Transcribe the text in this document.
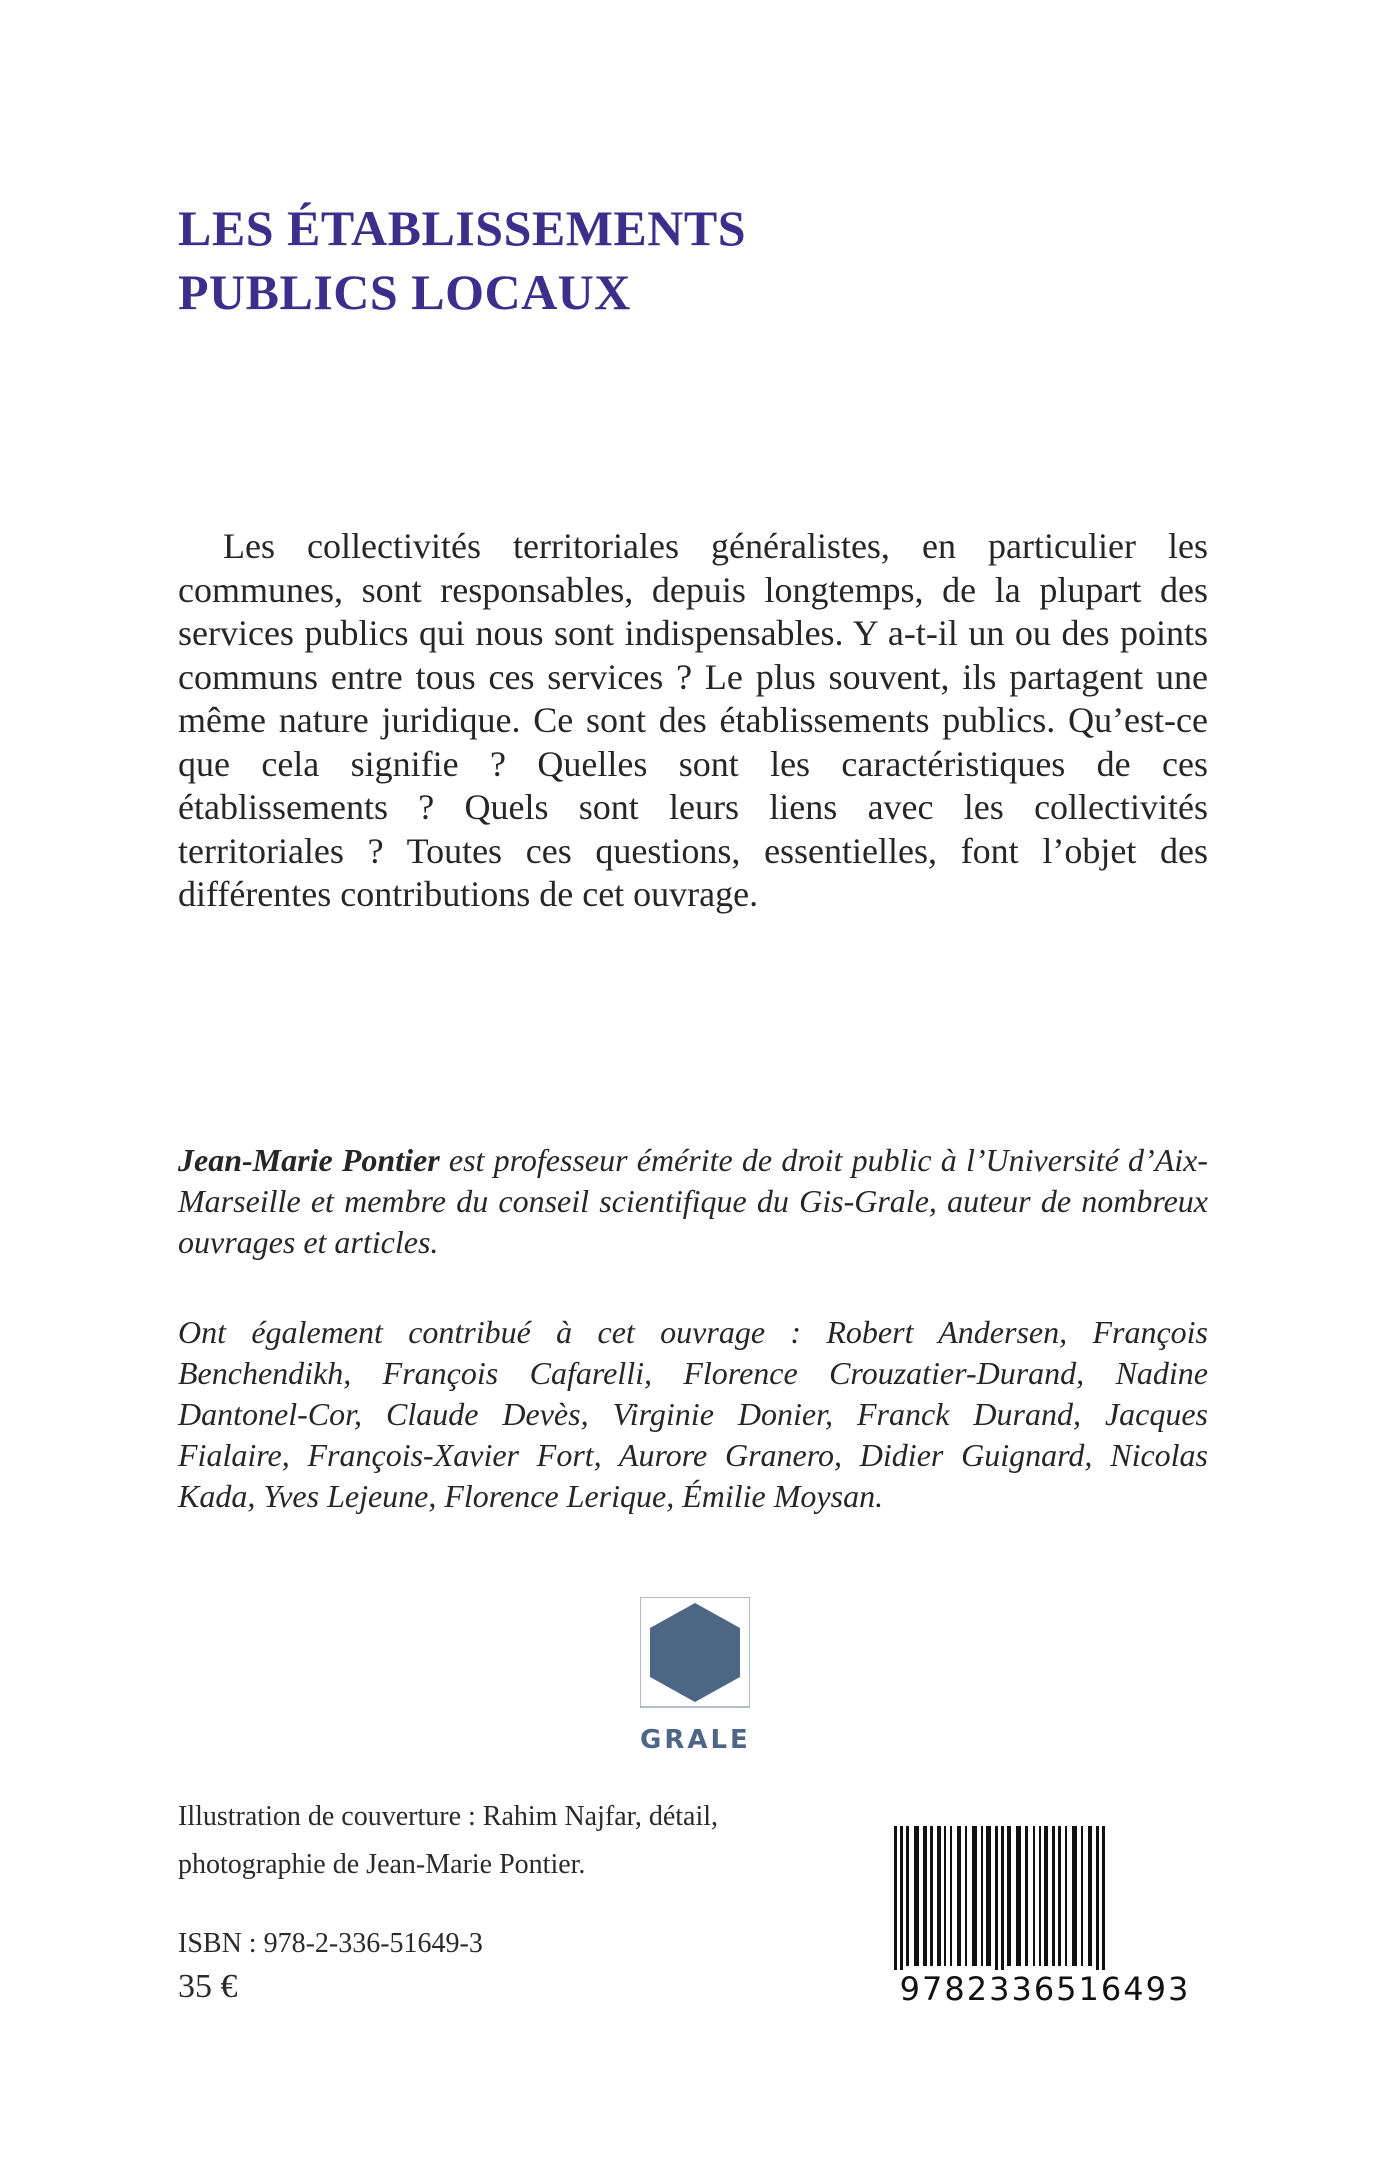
LES ÉTABLISSEMENTS
PUBLICS LOCAUX

Les collectivités territoriales généralistes, en particulier les communes, sont responsables, depuis longtemps, de la plupart des services publics qui nous sont indispensables. Y a-t-il un ou des points communs entre tous ces services ? Le plus souvent, ils partagent une même nature juridique. Ce sont des établissements publics. Qu’est-ce que cela signifie ? Quelles sont les caractéristiques de ces établissements ? Quels sont leurs liens avec les collectivités territoriales ? Toutes ces questions, essentielles, font l’objet des différentes contributions de cet ouvrage.

Jean-Marie Pontier est professeur émérite de droit public à l’Université d’Aix-Marseille et membre du conseil scientifique du Gis-Grale, auteur de nombreux ouvrages et articles.

Ont également contribué à cet ouvrage : Robert Andersen, François Benchendikh, François Cafarelli, Florence Crouzatier-Durand, Nadine Dantonel-Cor, Claude Devès, Virginie Donier, Franck Durand, Jacques Fialaire, François-Xavier Fort, Aurore Granero, Didier Guignard, Nicolas Kada, Yves Lejeune, Florence Lerique, Émilie Moysan.

GRALE

Illustration de couverture : Rahim Najfar, détail,
photographie de Jean-Marie Pontier.

ISBN : 978-2-336-51649-3
35 €	9782336516493
